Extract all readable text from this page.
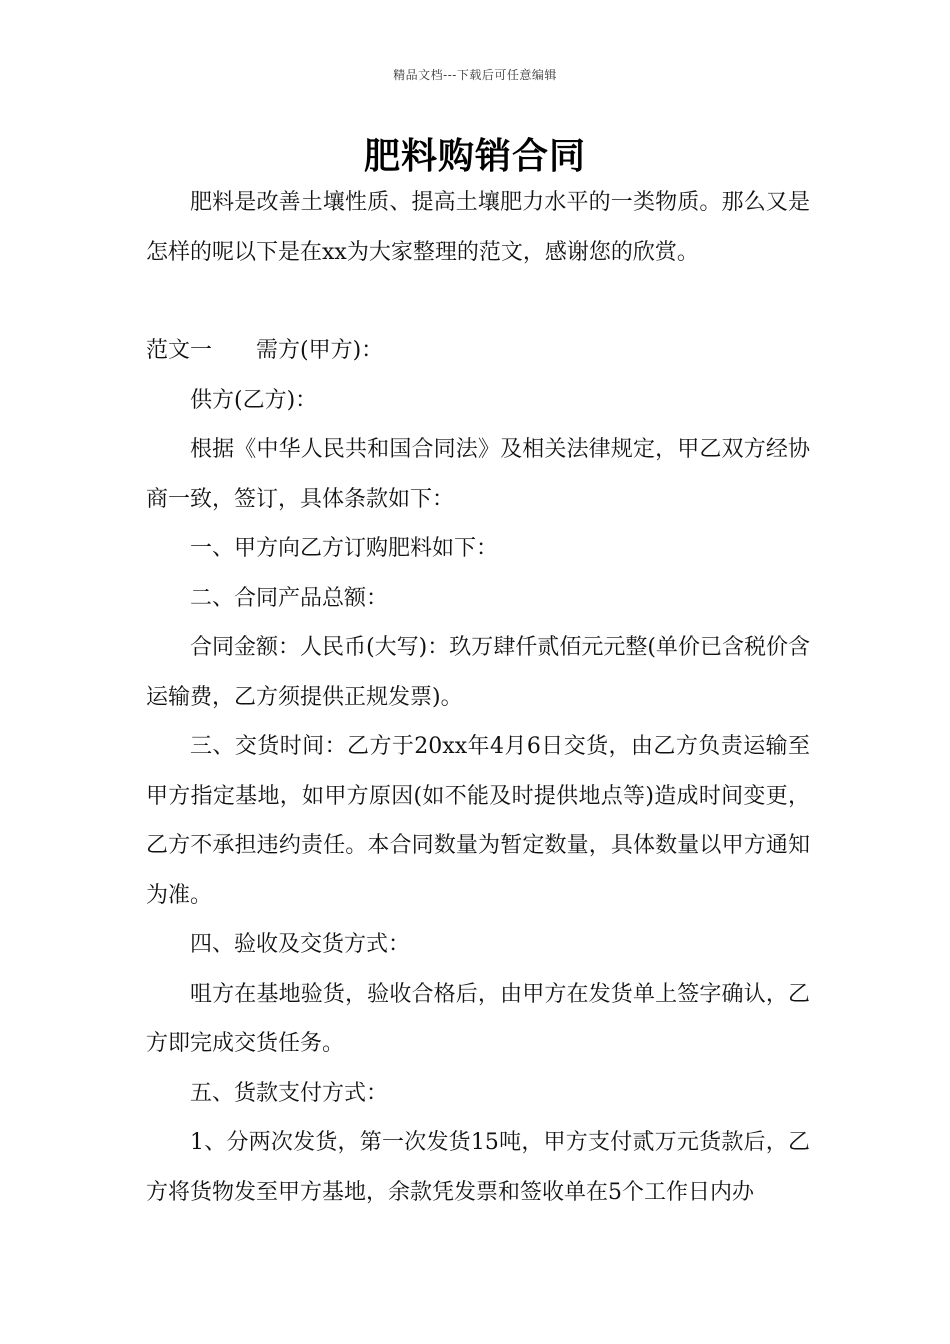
精品文档---下载后可任意编辑
肥料购销合同

肥料是改善土壤性质、提高土壤肥力水平的一类物质。那么又是怎样的呢以下是在xx为大家整理的范文，感谢您的欣赏。

范文一 需方(甲方)：

供方(乙方)：

根据《中华人民共和国合同法》及相关法律规定，甲乙双方经协商一致，签订，具体条款如下：

一、甲方向乙方订购肥料如下：

二、合同产品总额：

合同金额：人民币(大写)：玖万肆仟贰佰元元整(单价已含税价含运输费，乙方须提供正规发票)。

三、交货时间：乙方于20xx年4月6日交货，由乙方负责运输至甲方指定基地，如甲方原因(如不能及时提供地点等)造成时间变更，乙方不承担违约责任。本合同数量为暂定数量，具体数量以甲方通知为准。

四、验收及交货方式：

咀方在基地验货，验收合格后，由甲方在发货单上签字确认，乙方即完成交货任务。

五、货款支付方式：

1、分两次发货，第一次发货15吨，甲方支付贰万元货款后，乙方将货物发至甲方基地，余款凭发票和签收单在5个工作日内办
